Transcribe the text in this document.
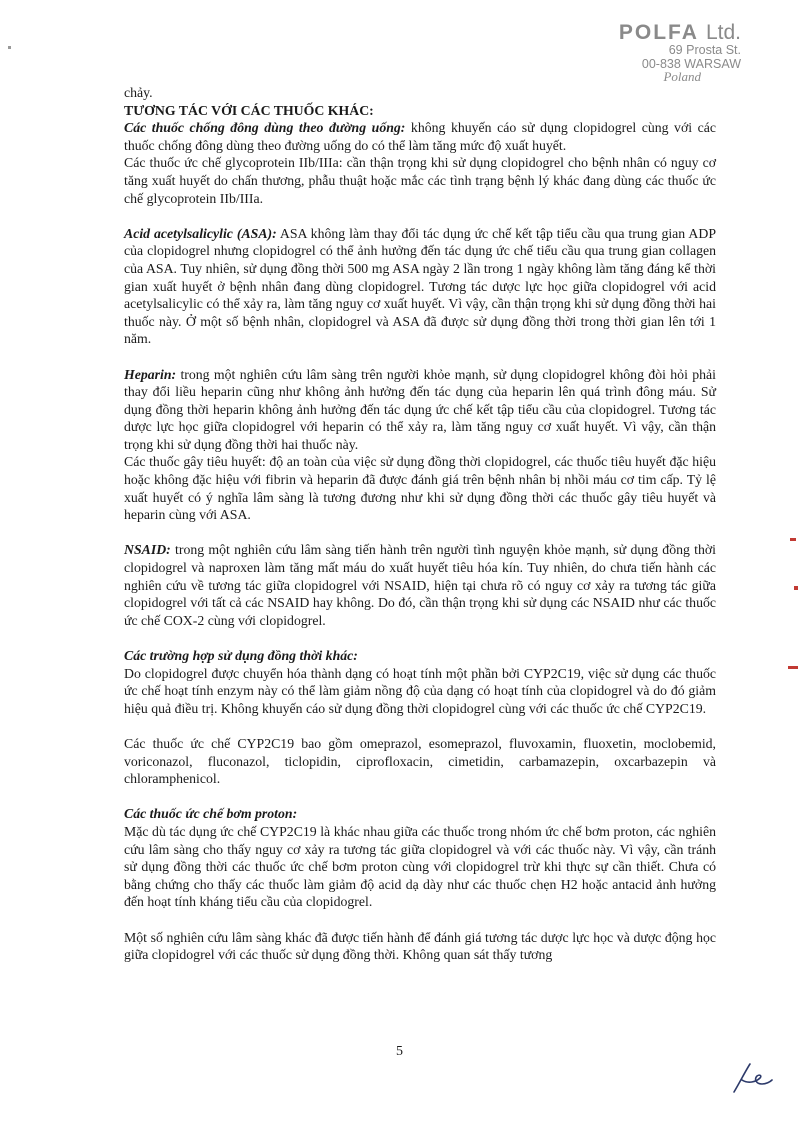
POLFA Ltd.
69 Prosta St.
00-838 WARSAW
Poland

chảy.

TƯƠNG TÁC VỚI CÁC THUỐC KHÁC:

Các thuốc chống đông dùng theo đường uống: không khuyến cáo sử dụng clopidogrel cùng với các thuốc chống đông dùng theo đường uống do có thể làm tăng mức độ xuất huyết.

Các thuốc ức chế glycoprotein IIb/IIIa: cần thận trọng khi sử dụng clopidogrel cho bệnh nhân có nguy cơ tăng xuất huyết do chấn thương, phẫu thuật hoặc mắc các tình trạng bệnh lý khác đang dùng các thuốc ức chế glycoprotein IIb/IIIa.

Acid acetylsalicylic (ASA): ASA không làm thay đổi tác dụng ức chế kết tập tiểu cầu qua trung gian ADP của clopidogrel nhưng clopidogrel có thể ảnh hưởng đến tác dụng ức chế tiểu cầu qua trung gian collagen của ASA. Tuy nhiên, sử dụng đồng thời 500 mg ASA ngày 2 lần trong 1 ngày không làm tăng đáng kể thời gian xuất huyết ở bệnh nhân đang dùng clopidogrel. Tương tác dược lực học giữa clopidogrel với acid acetylsalicylic có thể xảy ra, làm tăng nguy cơ xuất huyết. Vì vậy, cần thận trọng khi sử dụng đồng thời hai thuốc này. Ở một số bệnh nhân, clopidogrel và ASA đã được sử dụng đồng thời trong thời gian lên tới 1 năm.

Heparin: trong một nghiên cứu lâm sàng trên người khỏe mạnh, sử dụng clopidogrel không đòi hỏi phải thay đổi liều heparin cũng như không ảnh hưởng đến tác dụng của heparin lên quá trình đông máu. Sử dụng đồng thời heparin không ảnh hưởng đến tác dụng ức chế kết tập tiểu cầu của clopidogrel. Tương tác dược lực học giữa clopidogrel với heparin có thể xảy ra, làm tăng nguy cơ xuất huyết. Vì vậy, cần thận trọng khi sử dụng đồng thời hai thuốc này.

Các thuốc gây tiêu huyết: độ an toàn của việc sử dụng đồng thời clopidogrel, các thuốc tiêu huyết đặc hiệu hoặc không đặc hiệu với fibrin và heparin đã được đánh giá trên bệnh nhân bị nhồi máu cơ tim cấp. Tỷ lệ xuất huyết có ý nghĩa lâm sàng là tương đương như khi sử dụng đồng thời các thuốc gây tiêu huyết và heparin cùng với ASA.

NSAID: trong một nghiên cứu lâm sàng tiến hành trên người tình nguyện khỏe mạnh, sử dụng đồng thời clopidogrel và naproxen làm tăng mất máu do xuất huyết tiêu hóa kín. Tuy nhiên, do chưa tiến hành các nghiên cứu về tương tác giữa clopidogrel với NSAID, hiện tại chưa rõ có nguy cơ xảy ra tương tác giữa clopidogrel với tất cả các NSAID hay không. Do đó, cần thận trọng khi sử dụng các NSAID như các thuốc ức chế COX-2 cùng với clopidogrel.

Các trường hợp sử dụng đồng thời khác:

Do clopidogrel được chuyển hóa thành dạng có hoạt tính một phần bởi CYP2C19, việc sử dụng các thuốc ức chế hoạt tính enzym này có thể làm giảm nồng độ của dạng có hoạt tính của clopidogrel và do đó giảm hiệu quả điều trị. Không khuyến cáo sử dụng đồng thời clopidogrel cùng với các thuốc ức chế CYP2C19.

Các thuốc ức chế CYP2C19 bao gồm omeprazol, esomeprazol, fluvoxamin, fluoxetin, moclobemid, voriconazol, fluconazol, ticlopidin, ciprofloxacin, cimetidin, carbamazepin, oxcarbazepin và chloramphenicol.

Các thuốc ức chế bơm proton:

Mặc dù tác dụng ức chế CYP2C19 là khác nhau giữa các thuốc trong nhóm ức chế bơm proton, các nghiên cứu lâm sàng cho thấy nguy cơ xảy ra tương tác giữa clopidogrel và với các thuốc này. Vì vậy, cần tránh sử dụng đồng thời các thuốc ức chế bơm proton cùng với clopidogrel trừ khi thực sự cần thiết. Chưa có bằng chứng cho thấy các thuốc làm giảm độ acid dạ dày như các thuốc chẹn H2 hoặc antacid ảnh hưởng đến hoạt tính kháng tiểu cầu của clopidogrel.

Một số nghiên cứu lâm sàng khác đã được tiến hành để đánh giá tương tác dược lực học và dược động học giữa clopidogrel với các thuốc sử dụng đồng thời. Không quan sát thấy tương

5
